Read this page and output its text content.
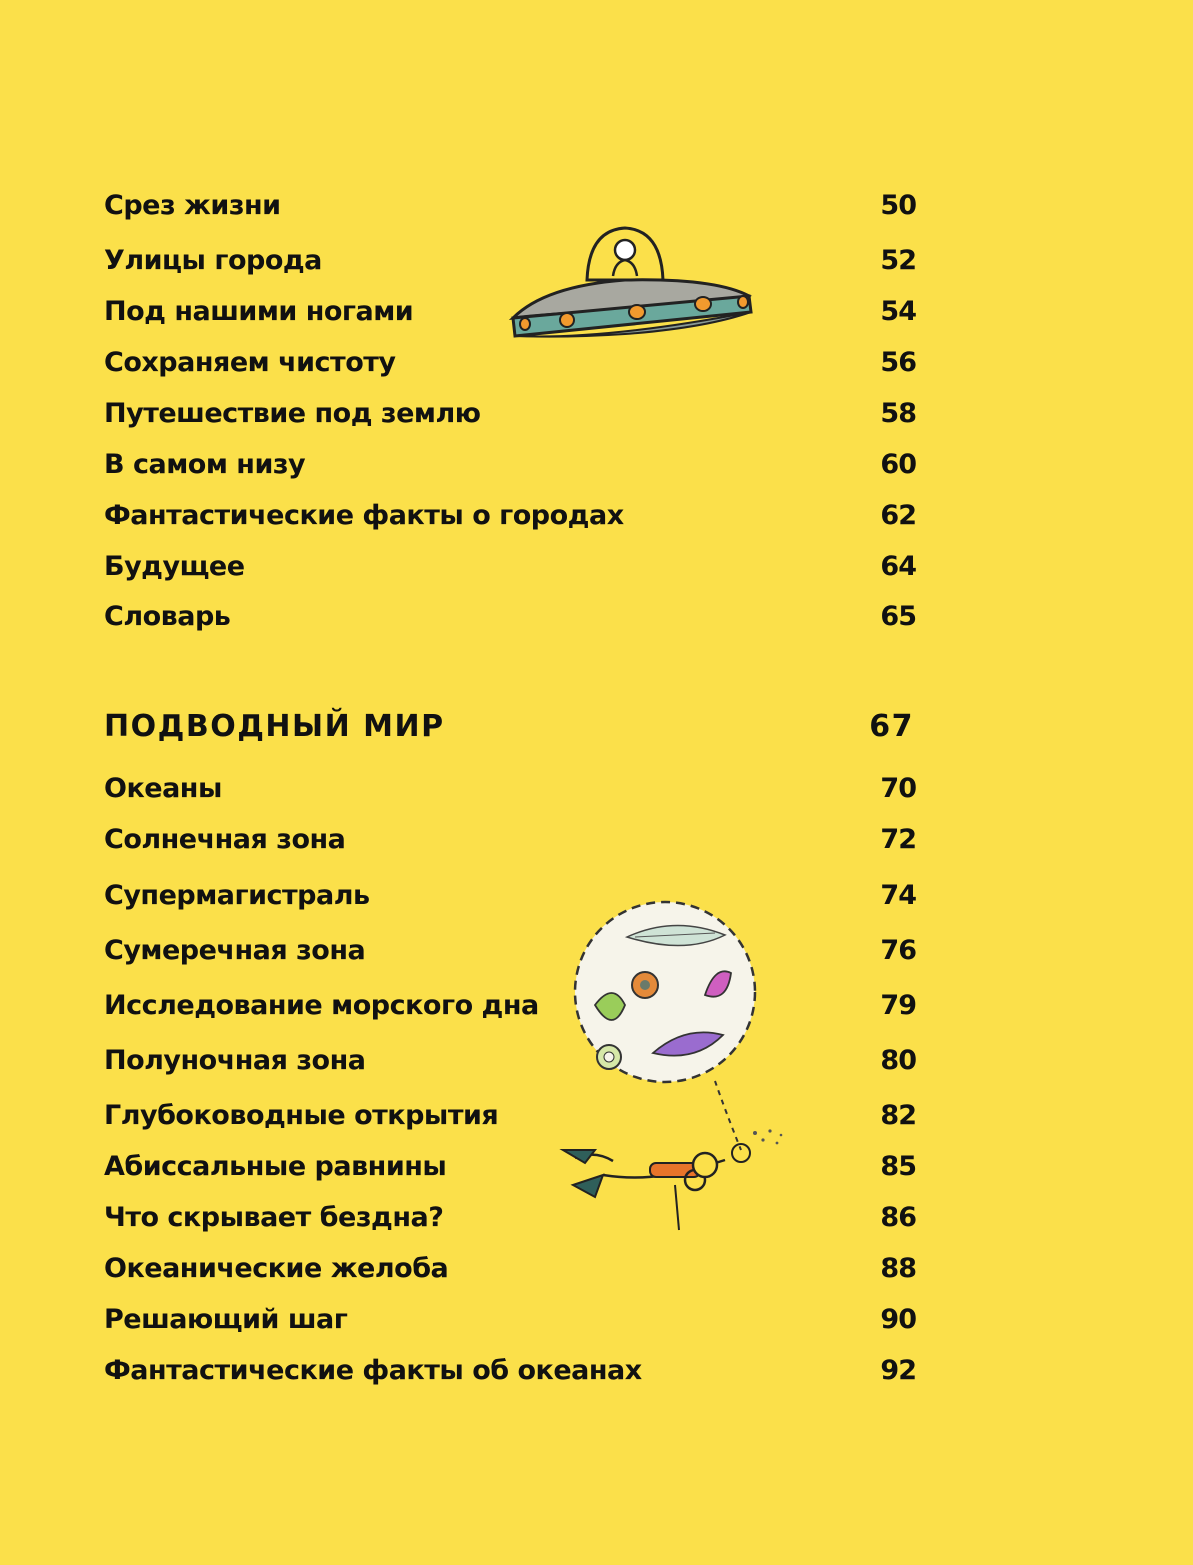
Срез жизни	50
Улицы города	52
Под нашими ногами	54
Сохраняем чистоту	56
Путешествие под землю	58
В самом низу	60
Фантастические факты о городах	62
Будущее	64
Словарь	65
ПОДВОДНЫЙ МИР	67
Океаны	70
Солнечная зона	72
Супермагистраль	74
Сумеречная зона	76
Исследование морского дна	79
Полуночная зона	80
Глубоководные открытия	82
Абиссальные равнины	85
Что скрывает бездна?	86
Океанические желоба	88
Решающий шаг	90
Фантастические факты об океанах	92
